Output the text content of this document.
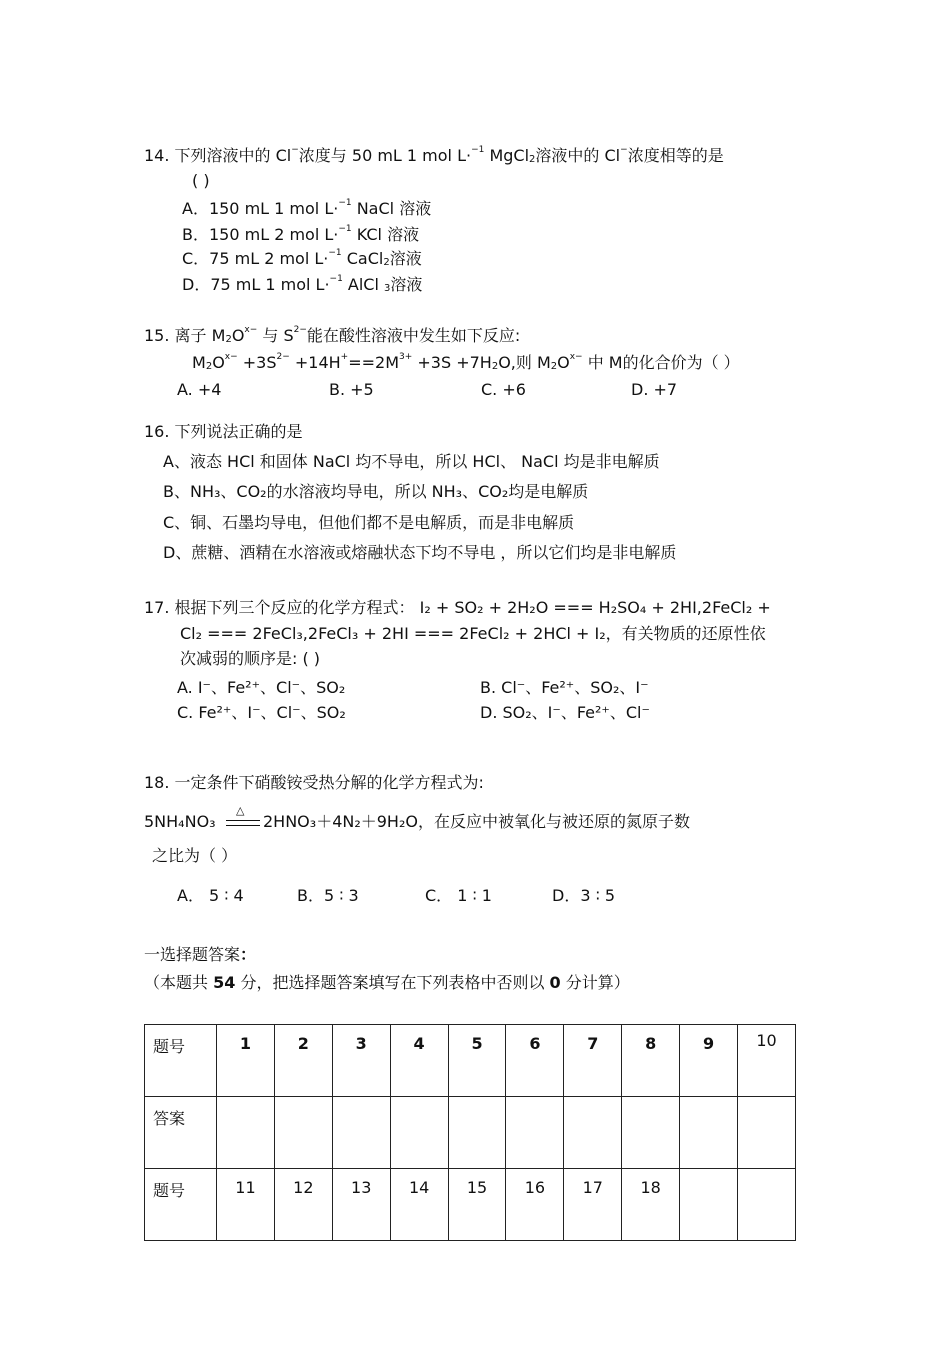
14. 下列溶液中的 Cl−浓度与 50 mL 1 mol L·$^{-1}$ MgCl$_2$溶液中的 Cl−浓度相等的是
( )
A．150 mL 1 mol L·$^{-1}$ NaCl 溶液
B．150 mL 2 mol L·$^{-1}$ KCl 溶液
C．75 mL 2 mol L·$^{-1}$ CaCl$_2$溶液
D．75 mL 1 mol L·$^{-1}$ AlCl $_3$溶液
15. 离子 $M_2O^{x-}$ 与 $S^{2-}$能在酸性溶液中发生如下反应:
$M_2O^{x-} +3S^{2-} +14H^+==2M^{3+} +3S +7H_2O$,则 $M_2O^{x-}$ 中 M的化合价为（ ）
A. +4	B. +5	C. +6	D. +7
16. 下列说法正确的是
A、液态 HCl 和固体 NaCl 均不导电，所以 HCl、 NaCl 均是非电解质
B、NH₃、CO₂的水溶液均导电，所以 NH₃、CO₂均是电解质
C、铜、石墨均导电，但他们都不是电解质，而是非电解质
D、蔗糖、酒精在水溶液或熔融状态下均不导电 ，所以它们均是非电解质
17. 根据下列三个反应的化学方程式： I₂ + SO₂ + 2H₂O === H₂SO₄ + 2HI,2FeCl₂ +
Cl₂ === 2FeCl₃,2FeCl₃ + 2HI === 2FeCl₂ + 2HCl + I₂，有关物质的还原性依
次减弱的顺序是: ( )
A. I⁻、Fe²⁺、Cl⁻、SO₂	B. Cl⁻、Fe²⁺、SO₂、I⁻
C. Fe²⁺、I⁻、Cl⁻、SO₂	D. SO₂、I⁻、Fe²⁺、Cl⁻
18. 一定条件下硝酸铵受热分解的化学方程式为:
5NH₄NO₃
△
2HNO₃＋4N₂＋9H₂O，在反应中被氧化与被还原的氮原子数
之比为（ ）
A． 5 ∶ 4	B．5 ∶ 3	C． 1 ∶ 1	D．3 ∶ 5
一选择题答案：
（本题共 54 分，把选择题答案填写在下列表格中否则以 0 分计算）
题号	1	2	3	4	5	6	7	8	9	10
答案										
题号	11	12	13	14	15	16	17	18		
